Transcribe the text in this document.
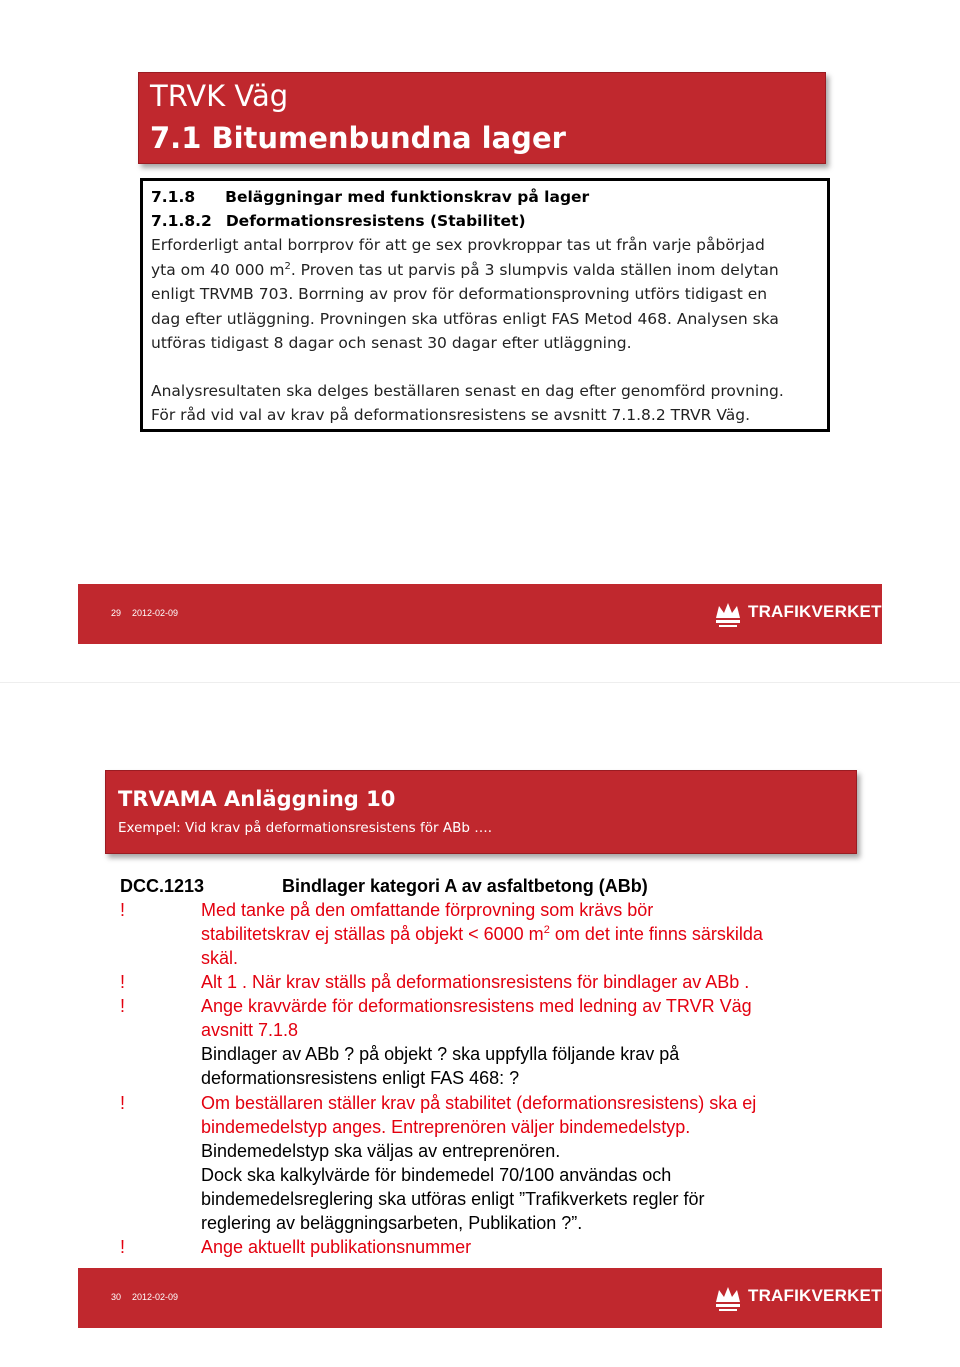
TRVK Väg
7.1 Bitumenbundna lager
7.1.8 Beläggningar med funktionskrav på lager
7.1.8.2 Deformationsresistens (Stabilitet)
Erforderligt antal borrprov för att ge sex provkroppar tas ut från varje påbörjad
yta om 40 000 $m^2$. Proven tas ut parvis på 3 slumpvis valda ställen inom delytan
enligt TRVMB 703. Borrning av prov för deformationsprovning utförs tidigast en
dag efter utläggning. Provningen ska utföras enligt FAS Metod 468. Analysen ska
utföras tidigast 8 dagar och senast 30 dagar efter utläggning.
Analysresultaten ska delges beställaren senast en dag efter genomförd provning.
För råd vid val av krav på deformationsresistens se avsnitt 7.1.8.2 TRVR Väg.
29 2012-02-09	TRAFIKVERKET
TRVAMA Anläggning 10
Exempel: Vid krav på deformationsresistens för ABb ….
DCC.1213	Bindlager kategori A av asfaltbetong (ABb)
!	Med tanke på den omfattande förprovning som krävs bör
stabilitetskrav ej ställas på objekt < 6000 $m^2$ om det inte finns särskilda
skäl.
!	Alt 1 . När krav ställs på deformationsresistens för bindlager av ABb .
!	Ange kravvärde för deformationsresistens med ledning av TRVR Väg
avsnitt 7.1.8
Bindlager av ABb ? på objekt ? ska uppfylla följande krav på
deformationsresistens enligt FAS 468: ?
!	Om beställaren ställer krav på stabilitet (deformationsresistens) ska ej
bindemedelstyp anges. Entreprenören väljer bindemedelstyp.
Bindemedelstyp ska väljas av entreprenören.
Dock ska kalkylvärde för bindemedel 70/100 användas och
bindemedelsreglering ska utföras enligt ”Trafikverkets regler för
reglering av beläggningsarbeten, Publikation ?”.
!	Ange aktuellt publikationsnummer
30 2012-02-09	TRAFIKVERKET
